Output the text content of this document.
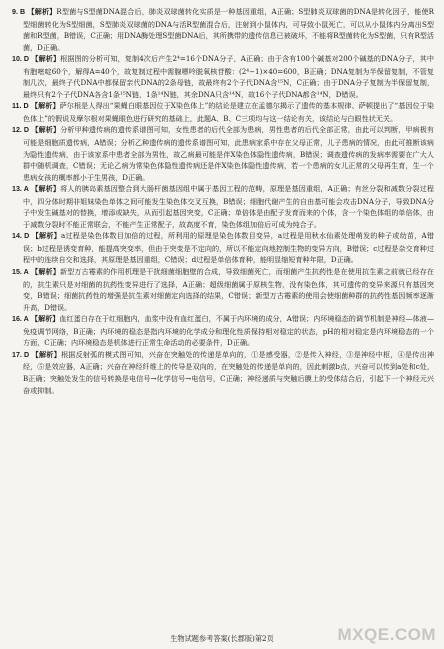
9. B 【解析】R型菌与S型菌DNA混合后，肺炎双球菌转化实质是一种基因重组，A正确；S型肺炎双球菌的DNA是转化因子，能使R型细菌转化为S型细菌，S型肺炎双球菌的DNA与活R型菌混合后，注射到小鼠体内，可导致小鼠死亡，可以从小鼠体内分离出S型菌和R型菌，B错误，C正确；用DNA酶处理S型菌DNA后，其所携带的遗传信息已被破坏，不能将R型菌转化为S型菌，只有R型活菌，D正确。

10. D 【解析】根据图的分析可知，复制4次后产生2⁴=16个DNA分子，A正确；由于含有100个碱基对200个碱基的DNA分子，其中有胞嘧啶60个，解得A=40个，故复制过程中需腺嘌呤脱氧核苷酸：(2⁴−1)×40=600，B正确；DNA复制为半保留复制，不管复制几次，最终子代DNA中都保留亲代DNA的2条母链，故最终有2个子代DNA含¹⁵N，C正确；由于DNA分子复制为半保留复制，最终只有2个子代DNA各含1条¹⁵N链，1条¹⁴N链，其余DNA只含¹⁴N，故16个子代DNA都含¹⁴N，D错误。

11. D 【解析】萨尔根是人得出“果蝇白眼基因位于X染色体上”的结论是建立在孟德尔揭示了遗传的基本规律、萨顿提出了“基因位于染色体上”的假说及摩尔根对果蝇眼色进行研究的基础上，此题A、B、C三项均与这一结论有关，该结论与白眼性状无关。

12. D 【解析】分析甲种遗传病的遗传系谱图可知，女性患者的后代全部为患病，男性患者的后代全部正常，由此可以判断，甲病极有可能是细胞质遗传病，A错误；分析乙种遗传病的遗传系谱图可知，此患病家系中存在父母正常，儿子患病的情况，由此可推断该病为隐性遗传病，由于该家系中患者全部为男性，故乙病最可能是伴X染色体隐性遗传病，B错误；调查遗传病的发病率需要在广大人群中随机调查，C错误；无论乙病为常染色体隐性遗传病还是伴X染色体隐性遗传病，若一个患病的女儿正常的父母再生育，生一个患病女孩的概率都小于生男孩，D正确。

13. A 【解析】将人的胰岛素基因整合到大肠杆菌基因组中属于基因工程的范畴，原理是基因重组，A正确；有丝分裂和减数分裂过程中，四分体时期非姐妹染色单体之间可能发生染色体交叉互换，B错误；细胞代谢产生的自由基可能会攻击DNA分子，导致DNA分子中发生碱基对的替换，增添或缺失，从而引起基因突变，C正确；单倍体是由配子发育而来的个体，含一个染色体组的单倍体，由于减数分裂时不能正常联会，不能产生正常配子，故高度不育，染色体组加倍后可成为纯合子。

14. D 【解析】a过程是染色体数目加倍的过程，所利用的原理是染色体数目变异，a过程是用秋水仙素处理萌发的种子或幼苗，A错误；b过程是诱变育种，能提高突变率，但由于突变是不定向的，所以不能定向地控制生物的变异方向，B错误；c过程是杂交育种过程中的连续自交和选择，其原理是基因重组，C错误；d过程是单倍体育种，能明显缩短育种年限，D正确。

15. A 【解析】新型万古霉素的作用机理是干扰细菌细胞壁的合成，导致细菌死亡，而细菌产生抗药性是在使用抗生素之前就已经存在的，抗生素只是对细菌的抗药性变异进行了选择，A正确；超级细菌属于原核生物，没有染色体，其可遗传的变异来源只有基因突变，B错误；细菌抗药性的增强是抗生素对细菌定向选择的结果，C错误；新型万古霉素的使用会使细菌种群的抗药性基因频率逐渐升高，D错误。

16. A 【解析】血红蛋白存在于红细胞内，血浆中没有血红蛋白，不属于内环境的成分，A错误；内环境稳态的调节机制是神经—体液—免疫调节网络，B正确；内环境的稳态是指内环境的化学成分和理化性质保持相对稳定的状态，pH的相对稳定是内环境稳态的一个方面，C正确；内环境稳态是机体进行正常生命活动的必要条件，D正确。

17. D 【解析】根据反射弧的模式图可知，兴奋在突触处的传递是单向的，①是感受器，②是传入神经，③是神经中枢，④是传出神经，⑤是效应器，A正确；兴奋在神经纤维上的传导是双向的，在突触处的传递是单向的，因此刺激b点，兴奋可以传到a处和c处，B正确；突触处发生的信号转换是电信号→化学信号→电信号，C正确；神经递质与突触后膜上的受体结合后，引起下一个神经元兴奋或抑制。

生物试题参考答案(长郡版)第2页	MXQE.COM
